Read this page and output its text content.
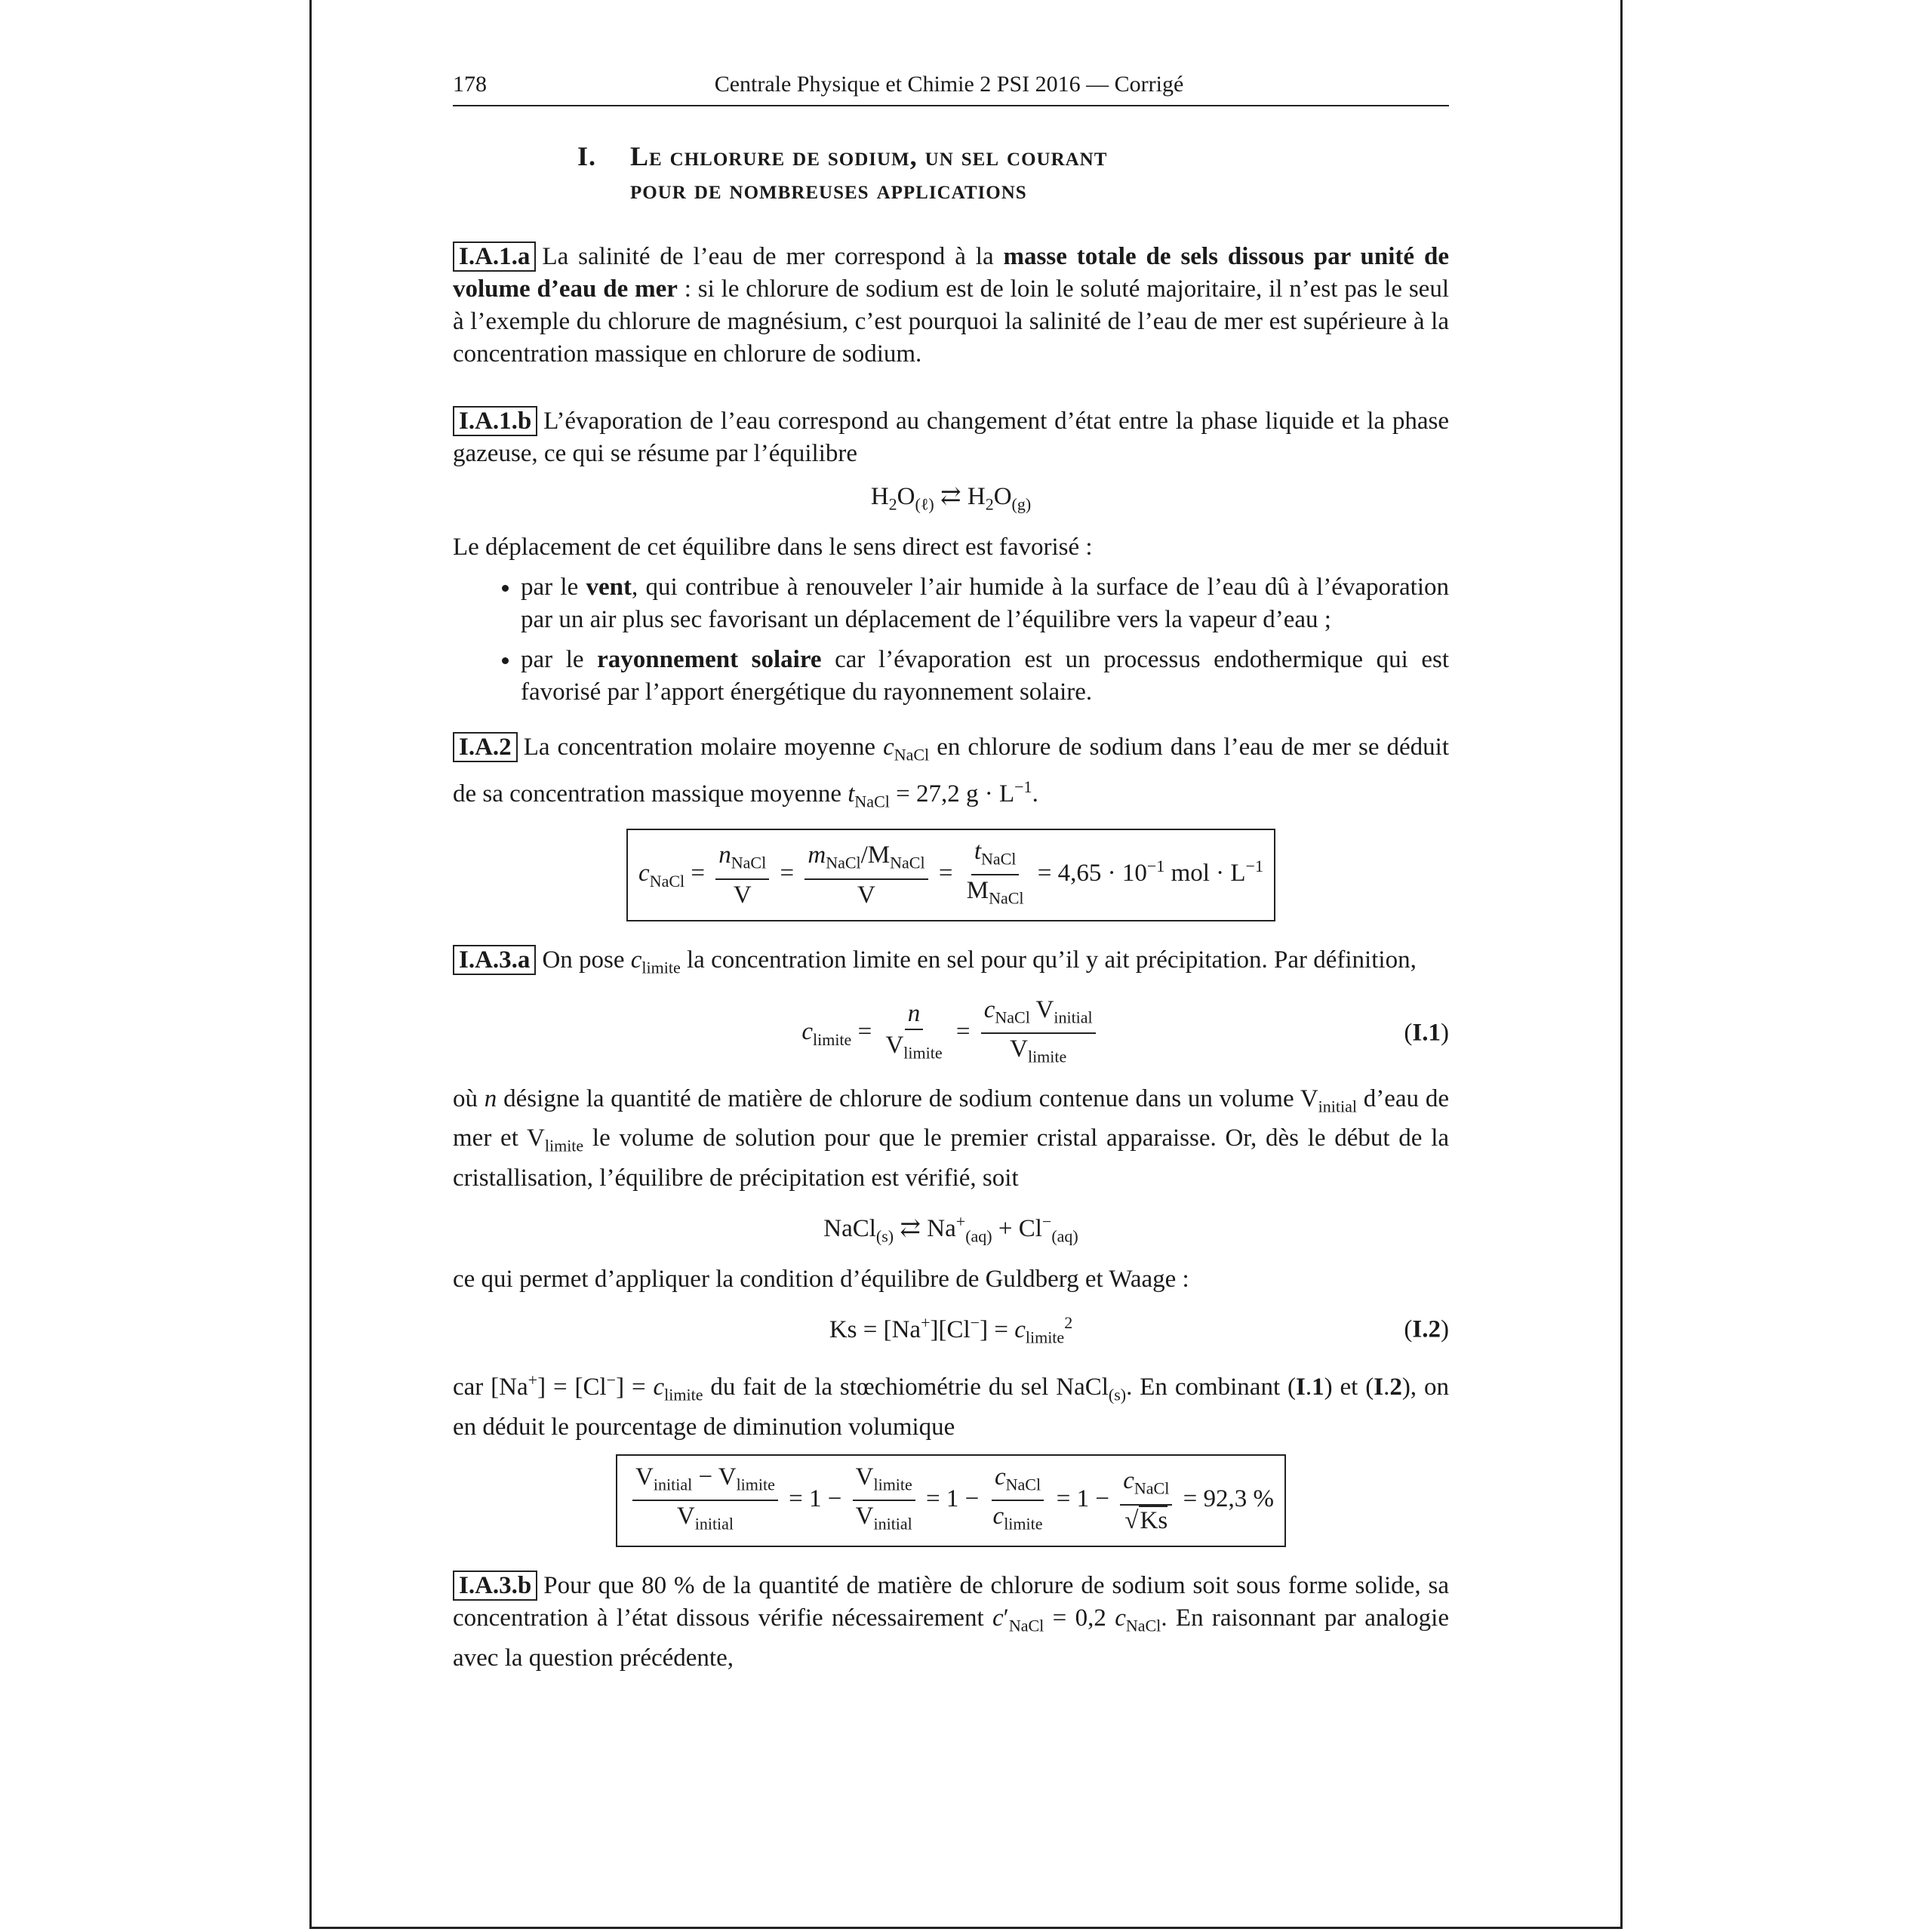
178	Centrale Physique et Chimie 2 PSI 2016 — Corrigé
I.	Le chlorure de sodium, un sel courant
pour de nombreuses applications
I.A.1.a La salinité de l’eau de mer correspond à la masse totale de sels dissous par unité de volume d’eau de mer : si le chlorure de sodium est de loin le soluté majoritaire, il n’est pas le seul à l’exemple du chlorure de magnésium, c’est pourquoi la salinité de l’eau de mer est supérieure à la concentration massique en chlorure de sodium.
I.A.1.b L’évaporation de l’eau correspond au changement d’état entre la phase liquide et la phase gazeuse, ce qui se résume par l’équilibre
$H_2O_{(\ell)}$ ⇄ $H_2O_{(g)}$
Le déplacement de cet équilibre dans le sens direct est favorisé :
• par le vent, qui contribue à renouveler l’air humide à la surface de l’eau dû à l’évaporation par un air plus sec favorisant un déplacement de l’équilibre vers la vapeur d’eau ;
• par le rayonnement solaire car l’évaporation est un processus endothermique qui est favorisé par l’apport énergétique du rayonnement solaire.
I.A.2 La concentration molaire moyenne $c_{NaCl}$ en chlorure de sodium dans l’eau de mer se déduit de sa concentration massique moyenne $t_{NaCl} = 27,2$ $g \cdot L^{-1}$.
$c_{NaCl} = \frac{n_{NaCl}}{V} = \frac{m_{NaCl}/M_{NaCl}}{V} = \frac{t_{NaCl}}{M_{NaCl}} = 4,65 \cdot 10^{-1}$ mol · $L^{-1}$
I.A.3.a On pose $c_{limite}$ la concentration limite en sel pour qu’il y ait précipitation. Par définition,
$c_{limite} = \frac{n}{V_{limite}} = \frac{c_{NaCl} V_{initial}}{V_{limite}}$	(I.1)
où n désigne la quantité de matière de chlorure de sodium contenue dans un volume $V_{initial}$ d’eau de mer et $V_{limite}$ le volume de solution pour que le premier cristal apparaisse. Or, dès le début de la cristallisation, l’équilibre de précipitation est vérifié, soit
NaCl$_{(s)}$ ⇄ $Na^+_{(aq)} + Cl^-_{(aq)}$
ce qui permet d’appliquer la condition d’équilibre de Guldberg et Waage :
$Ks = [Na^+][Cl^-] = c_{limite}^2$	(I.2)
car $[Na^+] = [Cl^-] = c_{limite}$ du fait de la stœchiométrie du sel NaCl$_{(s)}$. En combinant (I.1) et (I.2), on en déduit le pourcentage de diminution volumique
$\frac{V_{initial} - V_{limite}}{V_{initial}} = 1 - \frac{V_{limite}}{V_{initial}} = 1 - \frac{c_{NaCl}}{c_{limite}} = 1 - \frac{c_{NaCl}}{√Ks} = 92,3$ %
I.A.3.b Pour que 80 % de la quantité de matière de chlorure de sodium soit sous forme solide, sa concentration à l’état dissous vérifie nécessairement $c'_{NaCl} = 0,2$ $c_{NaCl}$. En raisonnant par analogie avec la question précédente,
